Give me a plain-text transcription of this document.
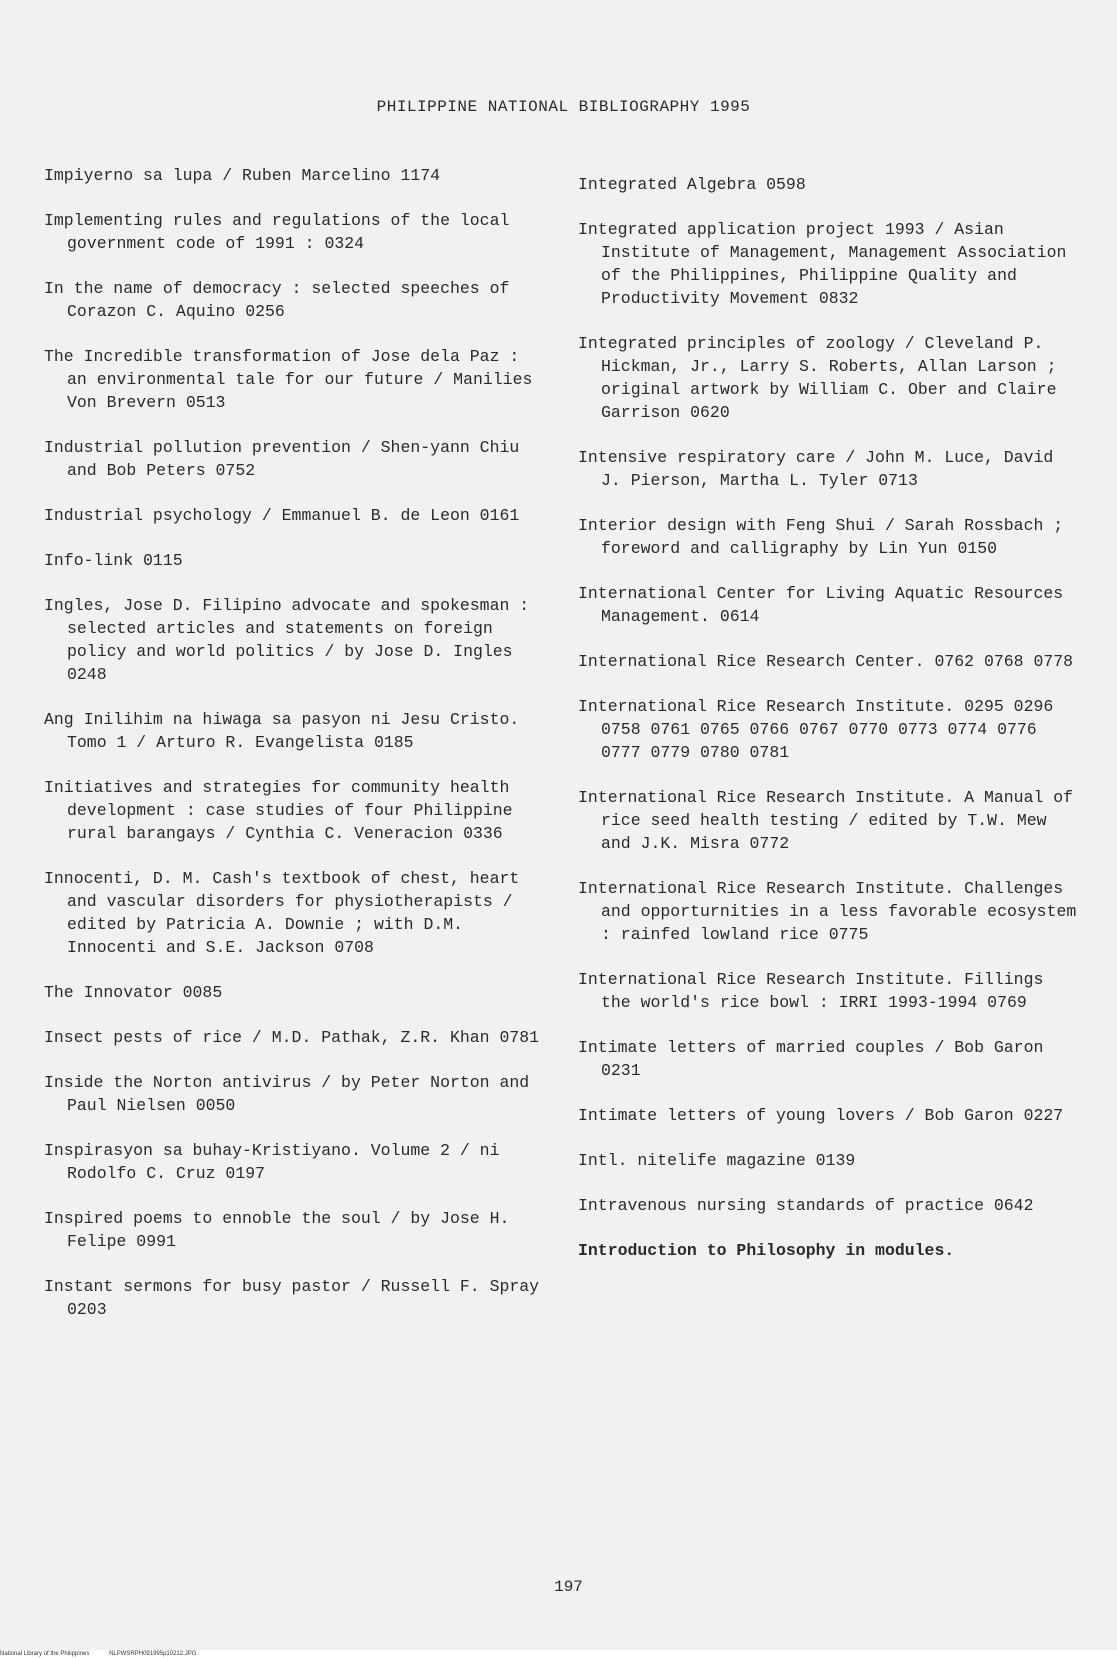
PHILIPPINE NATIONAL BIBLIOGRAPHY 1995

Impiyerno sa lupa / Ruben Marcelino 1174

Implementing rules and regulations of the local government code of 1991 : 0324

In the name of democracy : selected speeches of Corazon C. Aquino 0256

The Incredible transformation of Jose dela Paz : an environmental tale for our future / Manilies Von Brevern 0513

Industrial pollution prevention / Shen-yann Chiu and Bob Peters 0752

Industrial psychology / Emmanuel B. de Leon 0161

Info-link 0115

Ingles, Jose D. Filipino advocate and spokesman : selected articles and statements on foreign policy and world politics / by Jose D. Ingles 0248

Ang Inilihim na hiwaga sa pasyon ni Jesu Cristo. Tomo 1 / Arturo R. Evangelista 0185

Initiatives and strategies for community health development : case studies of four Philippine rural barangays / Cynthia C. Veneracion 0336

Innocenti, D. M. Cash's textbook of chest, heart and vascular disorders for physiotherapists / edited by Patricia A. Downie ; with D.M. Innocenti and S.E. Jackson 0708

The Innovator 0085

Insect pests of rice / M.D. Pathak, Z.R. Khan 0781

Inside the Norton antivirus / by Peter Norton and Paul Nielsen 0050

Inspirasyon sa buhay-Kristiyano. Volume 2 / ni Rodolfo C. Cruz 0197

Inspired poems to ennoble the soul / by Jose H. Felipe 0991

Instant sermons for busy pastor / Russell F. Spray 0203

Integrated Algebra 0598

Integrated application project 1993 / Asian Institute of Management, Management Association of the Philippines, Philippine Quality and Productivity Movement 0832

Integrated principles of zoology / Cleveland P. Hickman, Jr., Larry S. Roberts, Allan Larson ; original artwork by William C. Ober and Claire Garrison 0620

Intensive respiratory care / John M. Luce, David J. Pierson, Martha L. Tyler 0713

Interior design with Feng Shui / Sarah Rossbach ; foreword and calligraphy by Lin Yun 0150

International Center for Living Aquatic Resources Management. 0614

International Rice Research Center. 0762 0768 0778

International Rice Research Institute. 0295 0296 0758 0761 0765 0766 0767 0770 0773 0774 0776 0777 0779 0780 0781

International Rice Research Institute. A Manual of rice seed health testing / edited by T.W. Mew and J.K. Misra 0772

International Rice Research Institute. Challenges and opporturnities in a less favorable ecosystem : rainfed lowland rice 0775

International Rice Research Institute. Fillings the world's rice bowl : IRRI 1993-1994 0769

Intimate letters of married couples / Bob Garon 0231

Intimate letters of young lovers / Bob Garon 0227

Intl. nitelife magazine 0139

Intravenous nursing standards of practice 0642

Introduction to Philosophy in modules.

197
National Library of the Philippines	NLPWSRPH091995p10212.JPG
